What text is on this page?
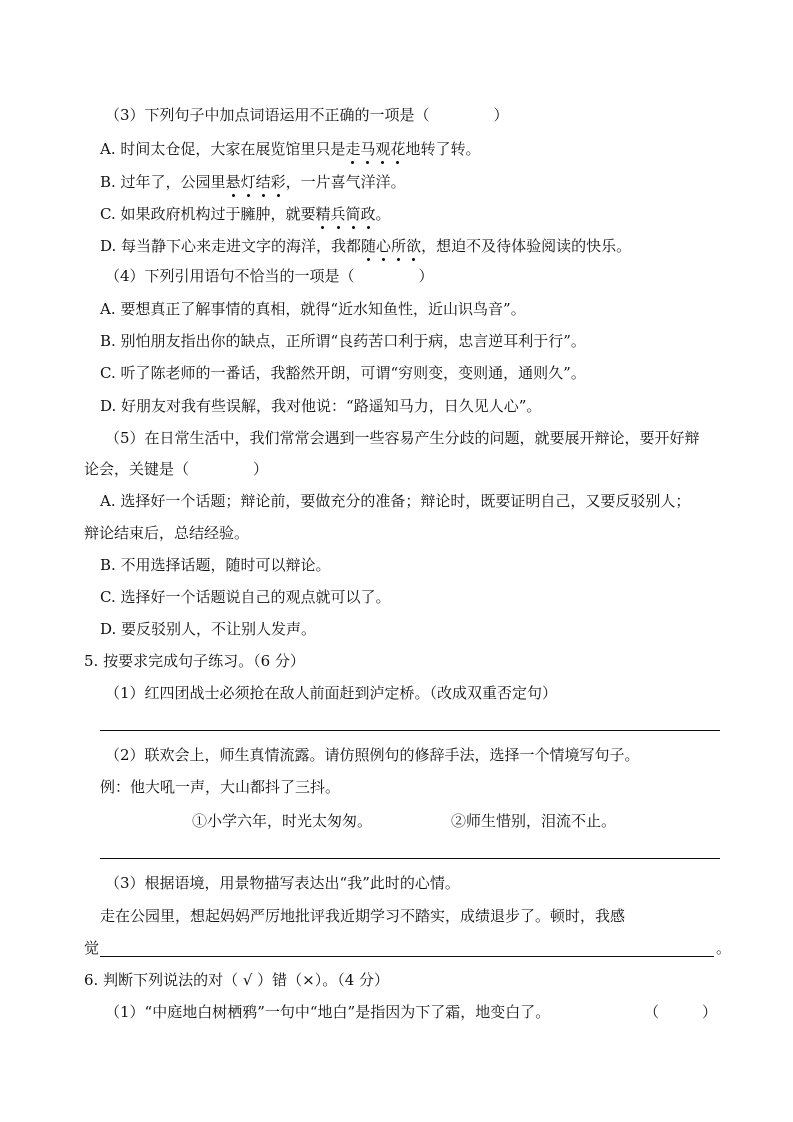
（3）下列句子中加点词语运用不正确的一项是（	）
A. 时间太仓促，大家在展览馆里只是走马观花地转了转。
B. 过年了，公园里悬灯结彩，一片喜气洋洋。
C. 如果政府机构过于臃肿，就要精兵简政。
D. 每当静下心来走进文字的海洋，我都随心所欲，想迫不及待体验阅读的快乐。
（4）下列引用语句不恰当的一项是（	）
A. 要想真正了解事情的真相，就得“近水知鱼性，近山识鸟音”。
B. 别怕朋友指出你的缺点，正所谓“良药苦口利于病，忠言逆耳利于行”。
C. 听了陈老师的一番话，我豁然开朗，可谓“穷则变，变则通，通则久”。
D. 好朋友对我有些误解，我对他说：“路遥知马力，日久见人心”。
（5）在日常生活中，我们常常会遇到一些容易产生分歧的问题，就要展开辩论，要开好辩
论会，关键是（	）
A. 选择好一个话题；辩论前，要做充分的准备；辩论时，既要证明自己，又要反驳别人；
辩论结束后，总结经验。
B. 不用选择话题，随时可以辩论。
C. 选择好一个话题说自己的观点就可以了。
D. 要反驳别人，不让别人发声。
5. 按要求完成句子练习。（6 分）
（1）红四团战士必须抢在敌人前面赶到泸定桥。（改成双重否定句）
（2）联欢会上，师生真情流露。请仿照例句的修辞手法，选择一个情境写句子。
例：他大吼一声，大山都抖了三抖。
①小学六年，时光太匆匆。	②师生惜别，泪流不止。
（3）根据语境，用景物描写表达出“我”此时的心情。
走在公园里，想起妈妈严厉地批评我近期学习不踏实，成绩退步了。顿时，我感
觉	。
6. 判断下列说法的对（ √ ）错（×）。（4 分）
（1）“中庭地白树栖鸦”一句中“地白”是指因为下了霜，地变白了。	（	）
